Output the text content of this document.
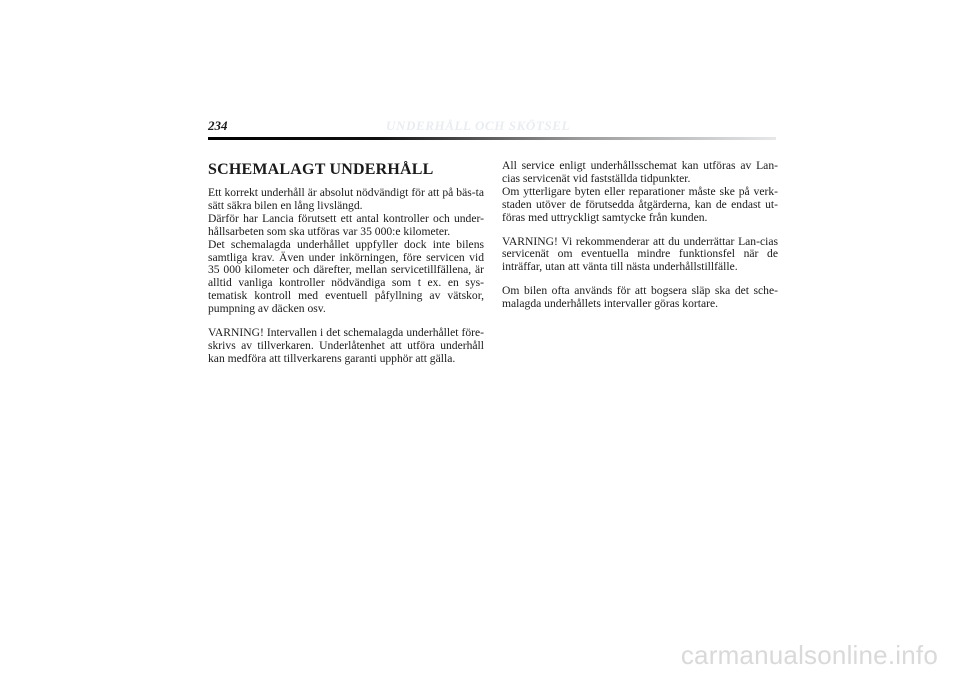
234	UNDERHÅLL OCH SKÖTSEL
SCHEMALAGT UNDERHÅLL

Ett korrekt underhåll är absolut nödvändigt för att på bäs-ta sätt säkra bilen en lång livslängd.

Därför har Lancia förutsett ett antal kontroller och under-hållsarbeten som ska utföras var 35 000:e kilometer.

Det schemalagda underhållet uppfyller dock inte bilens samtliga krav. Även under inkörningen, före servicen vid 35 000 kilometer och därefter, mellan servicetillfällena, är alltid vanliga kontroller nödvändiga som t ex. en sys-tematisk kontroll med eventuell påfyllning av vätskor, pumpning av däcken osv.

VARNING! Intervallen i det schemalagda underhållet före-skrivs av tillverkaren. Underlåtenhet att utföra underhåll kan medföra att tillverkarens garanti upphör att gälla.

All service enligt underhållsschemat kan utföras av Lan-cias servicenät vid fastställda tidpunkter.

Om ytterligare byten eller reparationer måste ske på verk-staden utöver de förutsedda åtgärderna, kan de endast ut-föras med uttryckligt samtycke från kunden.

VARNING! Vi rekommenderar att du underrättar Lan-cias servicenät om eventuella mindre funktionsfel när de inträffar, utan att vänta till nästa underhållstillfälle.

Om bilen ofta används för att bogsera släp ska det sche-malagda underhållets intervaller göras kortare.

carmanualsonline.info
